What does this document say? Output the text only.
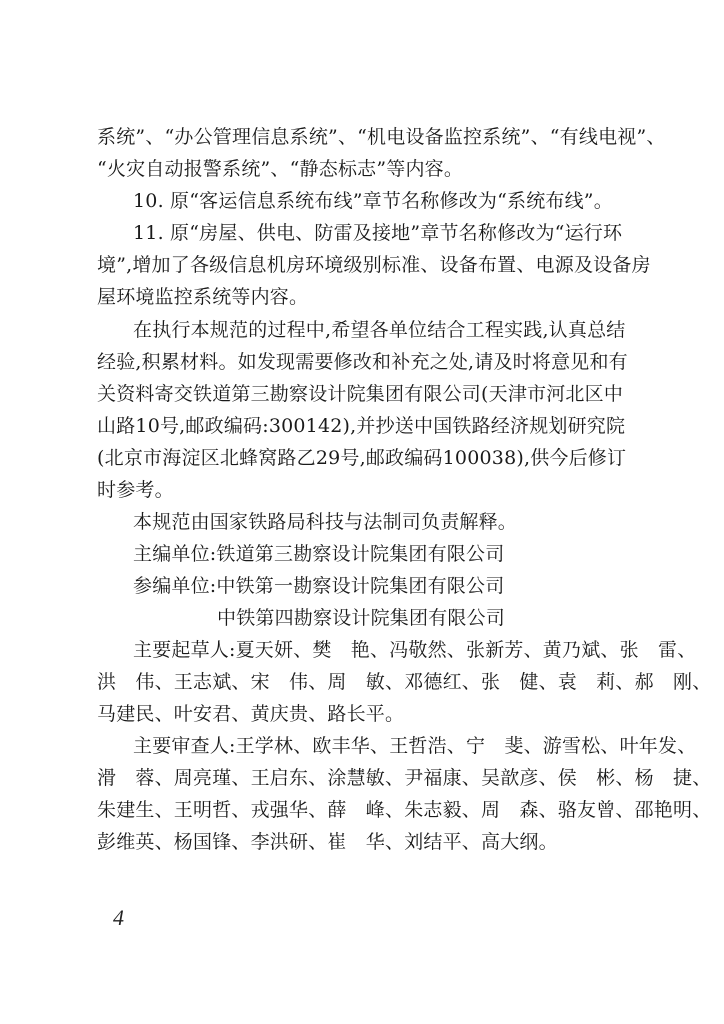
系统”、“办公管理信息系统”、“机电设备监控系统”、“有线电视”、
“火灾自动报警系统”、“静态标志”等内容。
10. 原“客运信息系统布线”章节名称修改为“系统布线”。
11. 原“房屋、供电、防雷及接地”章节名称修改为“运行环
境”,增加了各级信息机房环境级别标准、设备布置、电源及设备房
屋环境监控系统等内容。
在执行本规范的过程中,希望各单位结合工程实践,认真总结
经验,积累材料。如发现需要修改和补充之处,请及时将意见和有
关资料寄交铁道第三勘察设计院集团有限公司(天津市河北区中
山路10号,邮政编码:300142),并抄送中国铁路经济规划研究院
(北京市海淀区北蜂窝路乙29号,邮政编码100038),供今后修订
时参考。
本规范由国家铁路局科技与法制司负责解释。
主编单位:铁道第三勘察设计院集团有限公司
参编单位:中铁第一勘察设计院集团有限公司
中铁第四勘察设计院集团有限公司
主要起草人:夏天妍、樊　艳、冯敬然、张新芳、黄乃斌、张　雷、
洪　伟、王志斌、宋　伟、周　敏、邓德红、张　健、袁　莉、郝　刚、
马建民、叶安君、黄庆贵、路长平。
主要审查人:王学林、欧丰华、王哲浩、宁　斐、游雪松、叶年发、
滑　蓉、周亮瑾、王启东、涂慧敏、尹福康、吴歆彦、侯　彬、杨　捷、
朱建生、王明哲、戎强华、薛　峰、朱志毅、周　森、骆友曾、邵艳明、
彭维英、杨国锋、李洪研、崔　华、刘结平、高大纲。
4
